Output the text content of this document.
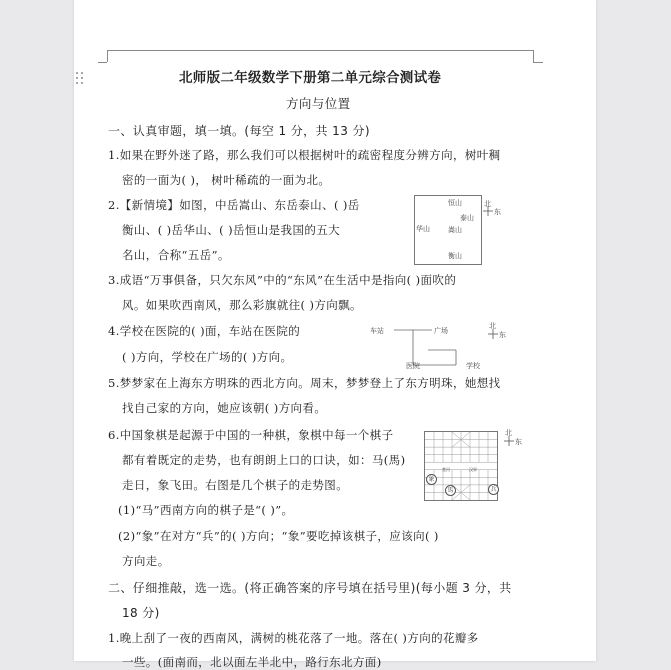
北师版二年级数学下册第二单元综合测试卷
方向与位置
一、认真审题，填一填。(每空 1 分，共 13 分)
1.如果在野外迷了路，那么我们可以根据树叶的疏密程度分辨方向，树叶稠
密的一面为( )， 树叶稀疏的一面为北。
2.【新情境】如图，中岳嵩山、东岳泰山、( )岳
衡山、( )岳华山、( )岳恒山是我国的五大
名山，合称“五岳”。
恒山
泰山
华山	嵩山
衡山
北
东
3.成语“万事俱备，只欠东风”中的“东风”在生活中是指向( )面吹的
风。如果吹西南风，那么彩旗就往( )方向飘。
4.学校在医院的( )面，车站在医院的
( )方向，学校在广场的( )方向。
车站	广场
医院	学校
北
东
5.梦梦家在上海东方明珠的西北方向。周末，梦梦登上了东方明珠，她想找
找自己家的方向，她应该朝( )方向看。
6.中国象棋是起源于中国的一种棋，象棋中每一个棋子
都有着既定的走势，也有朗朗上口的口诀，如：马(馬)
走日，象飞田。右图是几个棋子的走势图。
(1)“马”西南方向的棋子是“( )”。
(2)“象”在对方“兵”的( )方向；“象”要吃掉该棋子，应该向( )
方向走。
楚河	汉界
馬
象
兵
北
东
二、仔细推敲，选一选。(将正确答案的序号填在括号里)(每小题 3 分，共
18 分)
1.晚上刮了一夜的西南风，满树的桃花落了一地。落在( )方向的花瓣多
一些。(面南而，北以面左半北中，路行东北方面)
